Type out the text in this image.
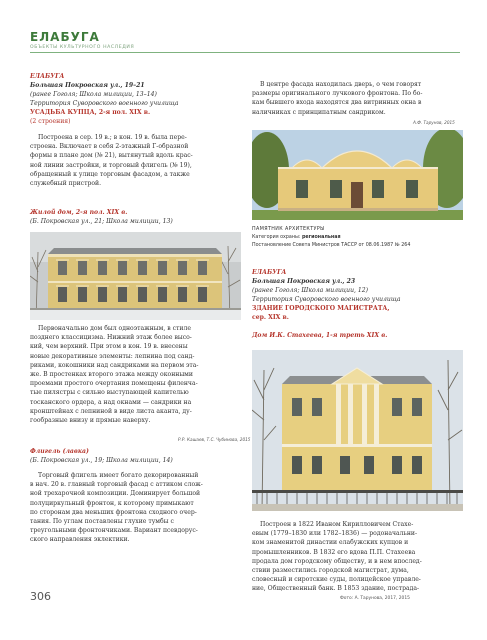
ЕЛАБУГА
ОБЪЕКТЫ КУЛЬТУРНОГО НАСЛЕДИЯ
ЕЛАБУГА
Большая Покровская ул., 19–21
(ранее Гоголя; Школа милиции, 13–14)
Территория Суворовского военного училища
УСАДЬБА КУПЦА, 2-я пол. XIX в.
(2 строения)
Построена в сер. 19 в.; в кон. 19 в. была пере-
строена. Включает в себя 2-этажный Г-образной
формы в плане дом (№ 21), вытянутый вдоль крас-
ной линии застройки, и торговый флигель (№ 19),
обращенный к улице торговым фасадом, а также
служебный пристрой.
Жилой дом, 2-я пол. XIX в.
(Б. Покровская ул., 21; Школа милиции, 13)
Первоначально дом был одноэтажным, в стиле
позднего классицизма. Нижний этаж более высо-
кий, чем верхний. При этом в кон. 19 в. внесены
новые декоративные элементы: лепнина под санд-
риками, кокошники над сандриками на первом эта-
же. В простенках второго этажа между оконными
проемами простого очертания помещены филенча-
тые пилястры с сильно выступающей капителью
тосканского ордера, а над окнами — сандрики на
кронштейнах с лепниной в виде листа аканта, ду-
гообразные внизу и прямые наверху.
Р.Р. Кашаев, Т.С. Чубинова, 2015
Флигель (лавка)
(Б. Покровская ул., 19; Школа милиции, 14)
Торговый флигель имеет богато декорированный
в нач. 20 в. главный торговый фасад с аттиком слож-
ной трехарочной композиции. Доминирует большой
полуциркульный фронтон, к которому примыкают
по сторонам два меньших фронтона сходного очер-
тания. По углам поставлены глухие тумбы с
треугольными фронтончиками. Вариант псевдорус-
ского направления эклектики.
В центре фасада находилась дверь, о чем говорят
размеры оригинального лучкового фронтона. По бо-
кам бывшего входа находятся два витринных окна в
наличниках с принципатным сандриком.
А.Ф. Тарунов, 2015
ПАМЯТНИК АРХИТЕКТУРЫ
Категория охраны: региональная
Постановление Совета Министров ТАССР от 08.06.1987 № 264
ЕЛАБУГА
Большая Покровская ул., 23
(ранее Гоголя; Школа милиции, 12)
Территория Суворовского военного училища
ЗДАНИЕ ГОРОДСКОГО МАГИСТРАТА,
сер. XIX в.
Дом И.К. Стахеева, 1-я треть XIX в.
Построен в 1822 Иваном Кирилловичем Стахе-
евым (1779–1830 или 1782–1836) — родоначальни-
ком знаменитой династии елабужских купцов и
промышленников. В 1832 его вдова П.П. Стахеева
продала дом городскому обществу, и в нем впослед-
ствии разместились городской магистрат, дума,
словесный и сиротские суды, полицейское управле-
ние, Общественный банк. В 1853 здание, пострада-
306	Фото: А. Тарунова, 2017, 2015
